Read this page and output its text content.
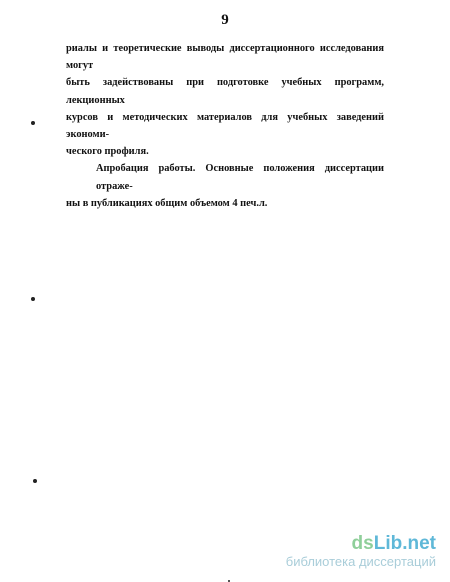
9
риалы и теоретические выводы диссертационного исследования могут
быть задействованы при подготовке учебных программ, лекционных
курсов и методических материалов для учебных заведений экономи-
ческого профиля.
Апробация работы. Основные положения диссертации отраже-
ны в публикациях общим объемом 4 печ.л.
dsLib.net
библиотека диссертаций
